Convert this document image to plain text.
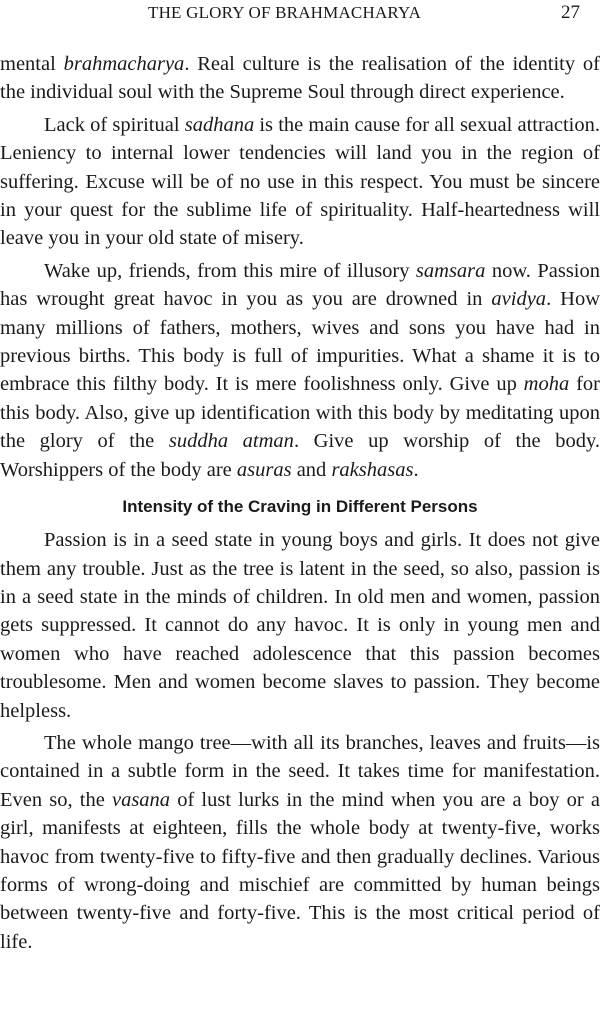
THE GLORY OF BRAHMACHARYA	27

mental brahmacharya. Real culture is the realisation of the identity of the individual soul with the Supreme Soul through direct experience.

Lack of spiritual sadhana is the main cause for all sexual attraction. Leniency to internal lower tendencies will land you in the region of suffering. Excuse will be of no use in this respect. You must be sincere in your quest for the sublime life of spirituality. Half-heartedness will leave you in your old state of misery.

Wake up, friends, from this mire of illusory samsara now. Passion has wrought great havoc in you as you are drowned in avidya. How many millions of fathers, mothers, wives and sons you have had in previous births. This body is full of impurities. What a shame it is to embrace this filthy body. It is mere foolishness only. Give up moha for this body. Also, give up identification with this body by meditating upon the glory of the suddha atman. Give up worship of the body. Worshippers of the body are asuras and rakshasas.

Intensity of the Craving in Different Persons

Passion is in a seed state in young boys and girls. It does not give them any trouble. Just as the tree is latent in the seed, so also, passion is in a seed state in the minds of children. In old men and women, passion gets suppressed. It cannot do any havoc. It is only in young men and women who have reached adolescence that this passion becomes troublesome. Men and women become slaves to passion. They become helpless.

The whole mango tree—with all its branches, leaves and fruits—is contained in a subtle form in the seed. It takes time for manifestation. Even so, the vasana of lust lurks in the mind when you are a boy or a girl, manifests at eighteen, fills the whole body at twenty-five, works havoc from twenty-five to fifty-five and then gradually declines. Various forms of wrong-doing and mischief are committed by human beings between twenty-five and forty-five. This is the most critical period of life.
